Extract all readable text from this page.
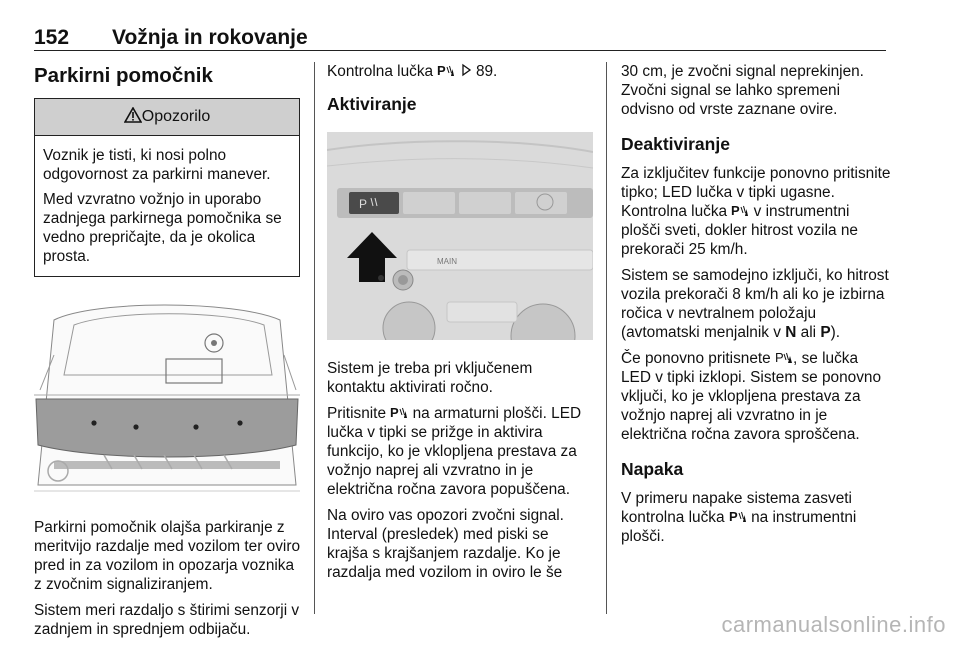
152 Vožnja in rokovanje
Parkirni pomočnik
Opozorilo

Voznik je tisti, ki nosi polno odgovornost za parkirni manever.

Med vzvratno vožnjo in uporabo zadnjega parkirnega pomočnika se vedno prepričajte, da je okolica prosta.

Parkirni pomočnik olajša parkiranje z meritvijo razdalje med vozilom ter oviro pred in za vozilom in opozarja voznika z zvočnim signaliziranjem.

Sistem meri razdaljo s štirimi senzorji v zadnjem in sprednjem odbijaču.

Kontrolna lučka P 89.

Aktiviranje
P
MAIN

Sistem je treba pri vključenem kontaktu aktivirati ročno.

Pritisnite P na armaturni plošči. LED lučka v tipki se prižge in aktivira funkcijo, ko je vklopljena prestava za vožnjo naprej ali vzvratno in je električna ročna zavora popuščena.

Na oviro vas opozori zvočni signal. Interval (presledek) med piski se krajša s krajšanjem razdalje. Ko je razdalja med vozilom in oviro le še

30 cm, je zvočni signal neprekinjen. Zvočni signal se lahko spremeni odvisno od vrste zaznane ovire.

Deaktiviranje

Za izključitev funkcije ponovno pritisnite tipko; LED lučka v tipki ugasne. Kontrolna lučka P v instrumentni plošči sveti, dokler hitrost vozila ne prekorači 25 km/h.

Sistem se samodejno izključi, ko hitrost vozila prekorači 8 km/h ali ko je izbirna ročica v nevtralnem položaju (avtomatski menjalnik v N ali P).

Če ponovno pritisnete P , se lučka LED v tipki izklopi. Sistem se ponovno vključi, ko je vklopljena prestava za vožnjo naprej ali vzvratno in je električna ročna zavora sproščena.

Napaka

V primeru napake sistema zasveti kontrolna lučka P na instrumentni plošči.

carmanualsonline.info
